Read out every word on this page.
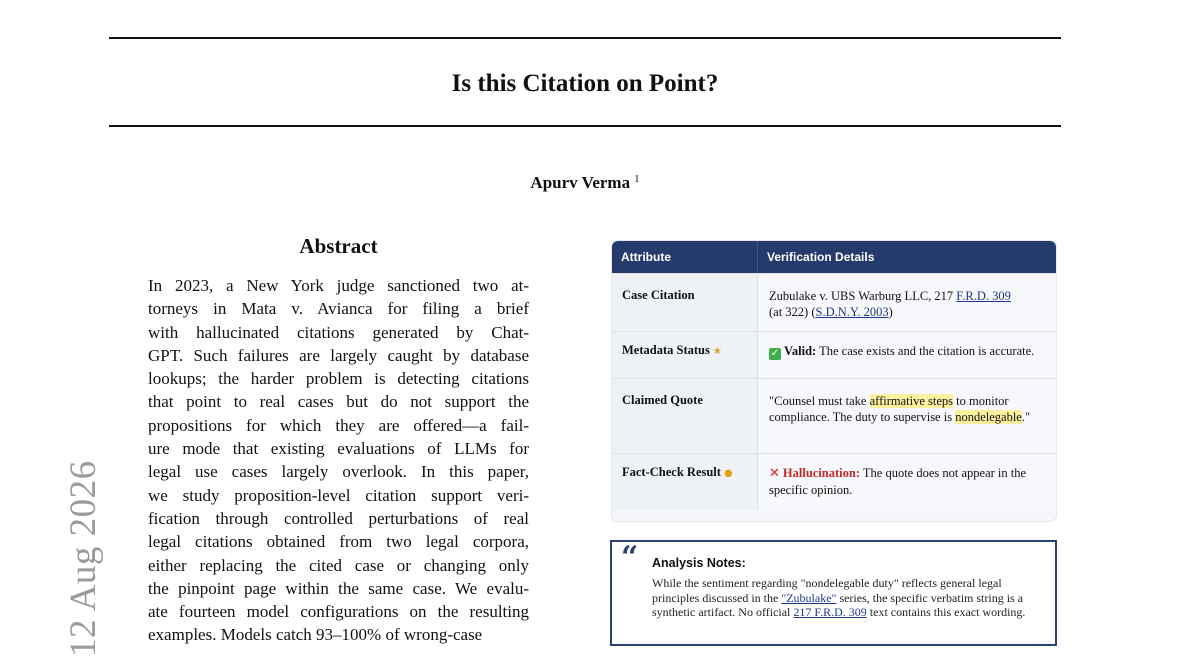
Is this Citation on Point?
Apurv Verma $^1$
12 Aug 2026
Abstract
In 2023, a New York judge sanctioned two at-
torneys in Mata v. Avianca for filing a brief
with hallucinated citations generated by Chat-
GPT. Such failures are largely caught by database
lookups; the harder problem is detecting citations
that point to real cases but do not support the
propositions for which they are offered—a fail-
ure mode that existing evaluations of LLMs for
legal use cases largely overlook. In this paper,
we study proposition-level citation support veri-
fication through controlled perturbations of real
legal citations obtained from two legal corpora,
either replacing the cited case or changing only
the pinpoint page within the same case. We evalu-
ate fourteen model configurations on the resulting
examples. Models catch 93–100% of wrong-case
Attribute	Verification Details
Case Citation	Zubulake v. UBS Warburg LLC, 217 F.R.D. 309
(at 322) (S.D.N.Y. 2003)
Metadata Status ★	✓ Valid: The case exists and the citation is accurate.
Claimed Quote	"Counsel must take affirmative steps to monitor compliance. The duty to supervise is nondelegable."
Fact-Check Result ●	✕ Hallucination: The quote does not appear in the specific opinion.
“ Analysis Notes:
While the sentiment regarding "nondelegable duty" reflects general legal principles discussed in the "Zubulake" series, the specific verbatim string is a synthetic artifact. No official 217 F.R.D. 309 text contains this exact wording.
